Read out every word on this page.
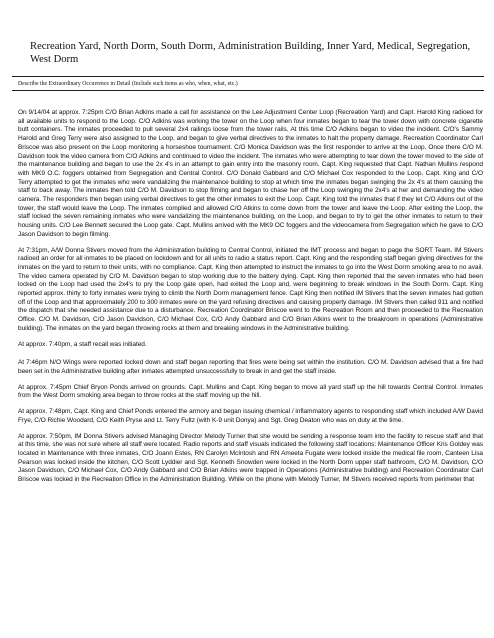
Recreation Yard, North Dorm, South Dorm, Administration Building, Inner Yard, Medical, Segregation, West Dorm
Describe the Extraordinary Occurrence in Detail (Include such items as who, when, what, etc.)

On 9/14/04 at approx. 7:25pm C/O Brian Adkins made a call for assistance on the Lee Adjustment Center Loop (Recreation Yard) and Capt. Harold King radioed for all available units to respond to the Loop. C/O Adkins was working the tower on the Loop when four inmates began to tear the tower down with concrete cigarette butt containers. The inmates proceeded to pull several 2x4 railings loose from the tower rails. At this time C/O Adkins began to video the incident. C/O's Sammy Harold and Greg Terry were also assigned to the Loop, and began to give verbal directives to the inmates to halt the property damage. Recreation Coordinator Carl Briscoe was also present on the Loop monitoring a horseshoe tournament. C/O Monica Davidson was the first responder to arrive at the Loop. Once there C/O M. Davidson took the video camera from C/O Adkins and continued to video the incident. The inmates who were attempting to tear down the tower moved to the side of the maintenance building and began to use the 2x 4's in an attempt to gain entry into the masonry room. Capt. King requested that Capt. Nathan Mullins respond with MK9 O.C. foggers obtained from Segregation and Central Control. C/O Donald Gabbard and C/O Michael Cox responded to the Loop. Capt. King and C/O Terry attempted to get the inmates who were vandalizing the maintenance building to stop at which time the inmates began swinging the 2x 4's at them causing the staff to back away. The inmates then told C/O M. Davidson to stop filming and began to chase her off the Loop swinging the 2x4's at her and demanding the video camera. The responders then began using verbal directives to get the other inmates to exit the Loop. Capt. King told the inmates that if they let C/O Atkins out of the tower, the staff would leave the Loop. The inmates complied and allowed C/O Atkins to come down from the tower and leave the Loop. After exiting the Loop, the staff locked the seven remaining inmates who were vandalizing the maintenance building, on the Loop, and began to try to get the other inmates to return to their housing units. C/O Lee Bennett secured the Loop gate. Capt. Mullins arrived with the MK9 OC foggers and the videocamera from Segregation which he gave to C/O Jason Davidson to begin filming.

At 7:31pm, A/W Donna Stivers moved from the Administration building to Central Control, initiated the IMT process and began to page the SORT Team. IM Stivers radioed an order for all inmates to be placed on lockdown and for all units to radio a status report. Capt. King and the responding staff began giving directives for the inmates on the yard to return to their units, with no compliance. Capt. King then attempted to instruct the inmates to go into the West Dorm smoking area to no avail. The video camera operated by C/O M. Davidson began to stop working due to the battery dying. Capt. King then reported that the seven inmates who had been locked on the Loop had used the 2x4's to pry the Loop gate open, had exited the Loop and, were beginning to break windows in the South Dorm. Capt. King reported approx. thirty to forty inmates were trying to climb the North Dorm management fence. Capt King then notified IM Stivers that the seven inmates had gotten off of the Loop and that approximately 200 to 300 inmates were on the yard refusing directives and causing property damage. IM Stivers then called 911 and notified the dispatch that she needed assistance due to a disturbance. Recreation Coordinator Briscoe went to the Recreation Room and then proceeded to the Recreation Office. C/O M. Davidson, C/O Jason Davidson, C/O Michael Cox, C/O Andy Gabbard and C/O Brian Atkins went to the breakroom in operations (Administrative building). The inmates on the yard began throwing rocks at them and breaking windows in the Administrative building.

At approx. 7:40pm, a staff recall was initiated.

At 7:46pm N/O Wings were reported locked down and staff began reporting that fires were being set within the institution. C/O M. Davidson advised that a fire had been set in the Administrative building after inmates attempted unsuccessfully to break in and get the staff inside.

At approx. 7:45pm Chief Bryon Ponds arrived on grounds. Capt. Mullins and Capt. King began to move all yard staff up the hill towards Central Control. Inmates from the West Dorm smoking area began to throw rocks at the staff moving up the hill.

At approx. 7:48pm, Capt. King and Chief Ponds entered the armory and began issuing chemical / inflammatory agents to responding staff which included A/W David Frye, C/O Richie Woodard, C/O Keith Pryse and Lt. Terry Fultz (with K-9 unit Donya) and Sgt. Greg Deaton who was on duty at the time.

At approx. 7:50pm, IM Donna Stivers advised Managing Director Melody Turner that she would be sending a response team into the facility to rescue staff and that at this time, she was not sure where all staff were located. Radio reports and staff visuals indicated the following staff locations: Maintenance Officer Kris Goldey was located in Maintenance with three inmates, C/O Joann Estes, RN Carolyn McIntosh and RN Ameeta Fugate were locked inside the medical file room, Canteen Lisa Pearson was locked inside the kitchen, C/O Scott Lyddier and Sgt. Kenneth Snowden were locked in the North Dorm upper staff bathroom, C/O M. Davidson, C/O Jason Davidson, C/O Michael Cox, C/O Andy Gabbard and C/O Brian Atkins were trapped in Operations (Administrative building) and Recreation Coordinator Carl Briscoe was locked in the Recreation Office in the Administration Building. While on the phone with Melody Turner, IM Stivers received reports from perimeter that
